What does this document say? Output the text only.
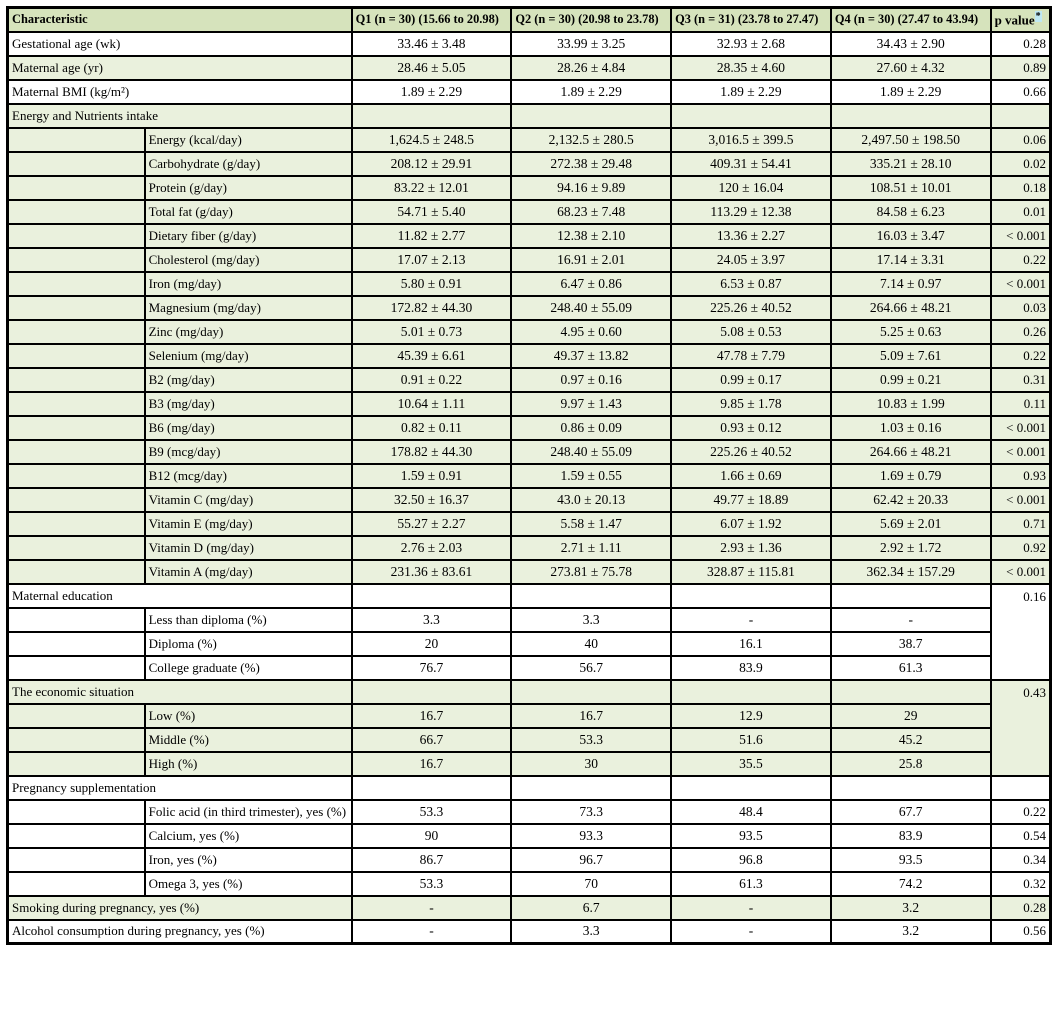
Characteristic		Q1 (n = 30) (15.66 to 20.98)	Q2 (n = 30) (20.98 to 23.78)	Q3 (n = 31) (23.78 to 27.47)	Q4 (n = 30) (27.47 to 43.94)	p value*
Gestational age (wk)		33.46 ± 3.48	33.99 ± 3.25	32.93 ± 2.68	34.43 ± 2.90	0.28
Maternal age (yr)		28.46 ± 5.05	28.26 ± 4.84	28.35 ± 4.60	27.60 ± 4.32	0.89
Maternal BMI (kg/m²)		1.89 ± 2.29	1.89 ± 2.29	1.89 ± 2.29	1.89 ± 2.29	0.66
Energy and Nutrients intake						
	Energy (kcal/day)	1,624.5 ± 248.5	2,132.5 ± 280.5	3,016.5 ± 399.5	2,497.50 ± 198.50	0.06
	Carbohydrate (g/day)	208.12 ± 29.91	272.38 ± 29.48	409.31 ± 54.41	335.21 ± 28.10	0.02
	Protein (g/day)	83.22 ± 12.01	94.16 ± 9.89	120 ± 16.04	108.51 ± 10.01	0.18
	Total fat (g/day)	54.71 ± 5.40	68.23 ± 7.48	113.29 ± 12.38	84.58 ± 6.23	0.01
	Dietary fiber (g/day)	11.82 ± 2.77	12.38 ± 2.10	13.36 ± 2.27	16.03 ± 3.47	< 0.001
	Cholesterol (mg/day)	17.07 ± 2.13	16.91 ± 2.01	24.05 ± 3.97	17.14 ± 3.31	0.22
	Iron (mg/day)	5.80 ± 0.91	6.47 ± 0.86	6.53 ± 0.87	7.14 ± 0.97	< 0.001
	Magnesium (mg/day)	172.82 ± 44.30	248.40 ± 55.09	225.26 ± 40.52	264.66 ± 48.21	0.03
	Zinc (mg/day)	5.01 ± 0.73	4.95 ± 0.60	5.08 ± 0.53	5.25 ± 0.63	0.26
	Selenium (mg/day)	45.39 ± 6.61	49.37 ± 13.82	47.78 ± 7.79	5.09 ± 7.61	0.22
	B2 (mg/day)	0.91 ± 0.22	0.97 ± 0.16	0.99 ± 0.17	0.99 ± 0.21	0.31
	B3 (mg/day)	10.64 ± 1.11	9.97 ± 1.43	9.85 ± 1.78	10.83 ± 1.99	0.11
	B6 (mg/day)	0.82 ± 0.11	0.86 ± 0.09	0.93 ± 0.12	1.03 ± 0.16	< 0.001
	B9 (mcg/day)	178.82 ± 44.30	248.40 ± 55.09	225.26 ± 40.52	264.66 ± 48.21	< 0.001
	B12 (mcg/day)	1.59 ± 0.91	1.59 ± 0.55	1.66 ± 0.69	1.69 ± 0.79	0.93
	Vitamin C (mg/day)	32.50 ± 16.37	43.0 ± 20.13	49.77 ± 18.89	62.42 ± 20.33	< 0.001
	Vitamin E (mg/day)	55.27 ± 2.27	5.58 ± 1.47	6.07 ± 1.92	5.69 ± 2.01	0.71
	Vitamin D (mg/day)	2.76 ± 2.03	2.71 ± 1.11	2.93 ± 1.36	2.92 ± 1.72	0.92
	Vitamin A (mg/day)	231.36 ± 83.61	273.81 ± 75.78	328.87 ± 115.81	362.34 ± 157.29	< 0.001
Maternal education						0.16
	Less than diploma (%)	3.3	3.3	-	-	
	Diploma (%)	20	40	16.1	38.7	
	College graduate (%)	76.7	56.7	83.9	61.3	
The economic situation						0.43
	Low (%)	16.7	16.7	12.9	29	
	Middle (%)	66.7	53.3	51.6	45.2	
	High (%)	16.7	30	35.5	25.8	
Pregnancy supplementation						
	Folic acid (in third trimester), yes (%)	53.3	73.3	48.4	67.7	0.22
	Calcium, yes (%)	90	93.3	93.5	83.9	0.54
	Iron, yes (%)	86.7	96.7	96.8	93.5	0.34
	Omega 3, yes (%)	53.3	70	61.3	74.2	0.32
Smoking during pregnancy, yes (%)		-	6.7	-	3.2	0.28
Alcohol consumption during pregnancy, yes (%)		-	3.3	-	3.2	0.56
